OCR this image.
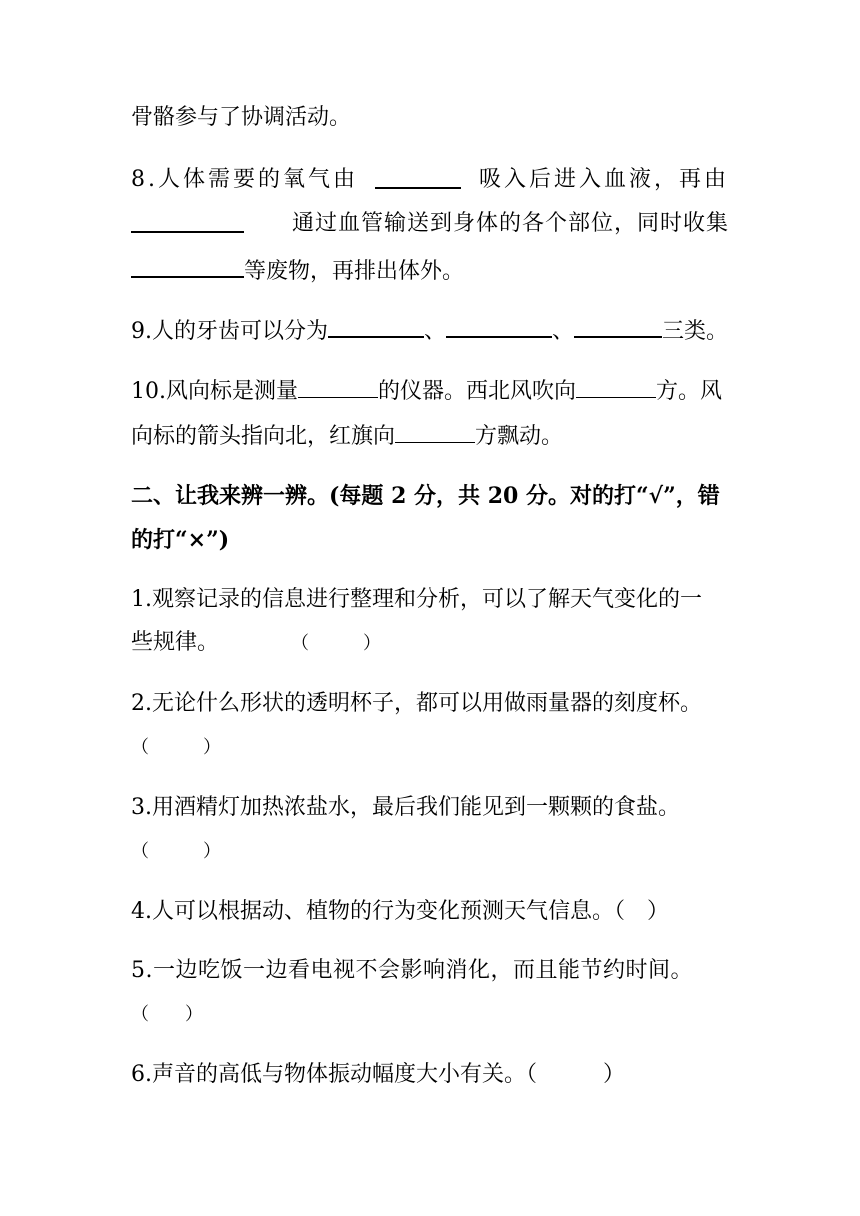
骨骼参与了协调活动。
8.人体需要的氧气由	吸入后进入血液，再由
通过血管输送到身体的各个部位，同时收集
等废物，再排出体外。
9.人的牙齿可以分为	、	、	三类。
10.风向标是测量	的仪器。西北风吹向	方。风
向标的箭头指向北，红旗向	方飘动。
二、让我来辨一辨。(每题 2 分，共 20 分。对的打“√”，错
的打“×”)
1.观察记录的信息进行整理和分析，可以了解天气变化的一
些规律。	（　　　）
2.无论什么形状的透明杯子，都可以用做雨量器的刻度杯。
（　　　）
3.用酒精灯加热浓盐水，最后我们能见到一颗颗的食盐。
（　　　）
4.人可以根据动、植物的行为变化预测天气信息。（　）
5.一边吃饭一边看电视不会影响消化，而且能节约时间。
（　　）
6.声音的高低与物体振动幅度大小有关。（　　　）
